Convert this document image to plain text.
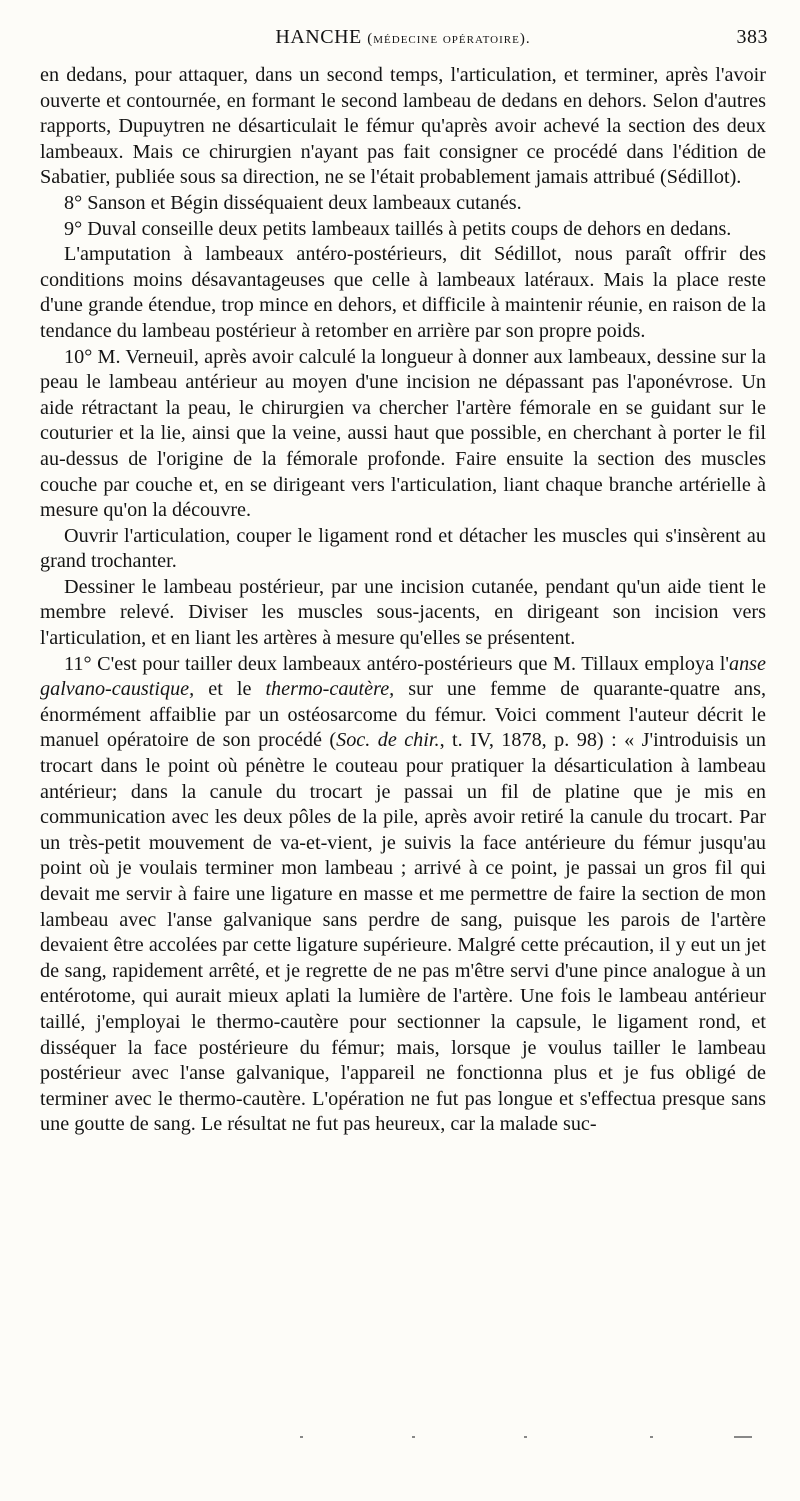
HANCHE (médecine opératoire).	383

en dedans, pour attaquer, dans un second temps, l'articulation, et terminer, après l'avoir ouverte et contournée, en formant le second lambeau de dedans en dehors. Selon d'autres rapports, Dupuytren ne désarticulait le fémur qu'après avoir achevé la section des deux lambeaux. Mais ce chirurgien n'ayant pas fait consigner ce procédé dans l'édition de Sabatier, publiée sous sa direction, ne se l'était probablement jamais attribué (Sédillot).

8° Sanson et Bégin disséquaient deux lambeaux cutanés.

9° Duval conseille deux petits lambeaux taillés à petits coups de dehors en dedans.

L'amputation à lambeaux antéro-postérieurs, dit Sédillot, nous paraît offrir des conditions moins désavantageuses que celle à lambeaux latéraux. Mais la place reste d'une grande étendue, trop mince en dehors, et difficile à maintenir réunie, en raison de la tendance du lambeau postérieur à retomber en arrière par son propre poids.

10° M. Verneuil, après avoir calculé la longueur à donner aux lambeaux, dessine sur la peau le lambeau antérieur au moyen d'une incision ne dépassant pas l'aponévrose. Un aide rétractant la peau, le chirurgien va chercher l'artère fémorale en se guidant sur le couturier et la lie, ainsi que la veine, aussi haut que possible, en cherchant à porter le fil au-dessus de l'origine de la fémorale profonde. Faire ensuite la section des muscles couche par couche et, en se dirigeant vers l'articulation, liant chaque branche artérielle à mesure qu'on la découvre.

Ouvrir l'articulation, couper le ligament rond et détacher les muscles qui s'insèrent au grand trochanter.

Dessiner le lambeau postérieur, par une incision cutanée, pendant qu'un aide tient le membre relevé. Diviser les muscles sous-jacents, en dirigeant son incision vers l'articulation, et en liant les artères à mesure qu'elles se présentent.

11° C'est pour tailler deux lambeaux antéro-postérieurs que M. Tillaux employa l'anse galvano-caustique, et le thermo-cautère, sur une femme de quarante-quatre ans, énormément affaiblie par un ostéosarcome du fémur. Voici comment l'auteur décrit le manuel opératoire de son procédé (Soc. de chir., t. IV, 1878, p. 98) : « J'introduisis un trocart dans le point où pénètre le couteau pour pratiquer la désarticulation à lambeau antérieur; dans la canule du trocart je passai un fil de platine que je mis en communication avec les deux pôles de la pile, après avoir retiré la canule du trocart. Par un très-petit mouvement de va-et-vient, je suivis la face antérieure du fémur jusqu'au point où je voulais terminer mon lambeau ; arrivé à ce point, je passai un gros fil qui devait me servir à faire une ligature en masse et me permettre de faire la section de mon lambeau avec l'anse galvanique sans perdre de sang, puisque les parois de l'artère devaient être accolées par cette ligature supérieure. Malgré cette précaution, il y eut un jet de sang, rapidement arrêté, et je regrette de ne pas m'être servi d'une pince analogue à un entérotome, qui aurait mieux aplati la lumière de l'artère. Une fois le lambeau antérieur taillé, j'employai le thermo-cautère pour sectionner la capsule, le ligament rond, et disséquer la face postérieure du fémur; mais, lorsque je voulus tailler le lambeau postérieur avec l'anse galvanique, l'appareil ne fonctionna plus et je fus obligé de terminer avec le thermo-cautère. L'opération ne fut pas longue et s'effectua presque sans une goutte de sang. Le résultat ne fut pas heureux, car la malade suc-
